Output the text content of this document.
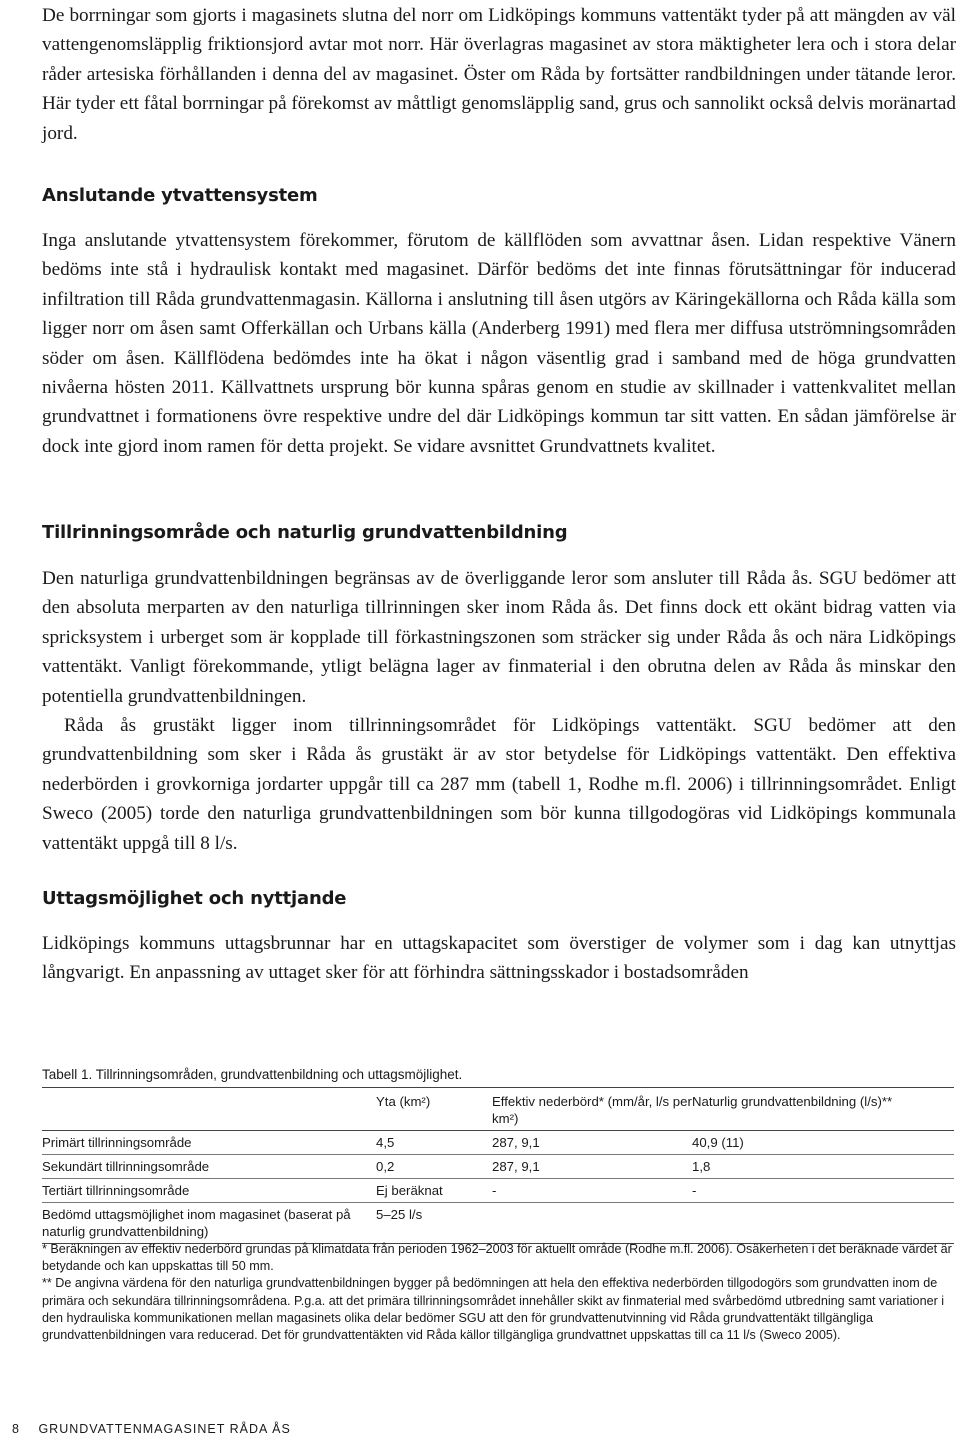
De borrningar som gjorts i magasinets slutna del norr om Lidköpings kommuns vattentäkt tyder på att mängden av väl vattengenomsläpplig friktionsjord avtar mot norr. Här överlagras magasinet av stora mäktigheter lera och i stora delar råder artesiska förhållanden i denna del av magasinet. Öster om Råda by fortsätter randbildningen under tätande leror. Här tyder ett fåtal borrningar på förekomst av måttligt genomsläpplig sand, grus och sannolikt också delvis moränartad jord.

Anslutande ytvattensystem

Inga anslutande ytvattensystem förekommer, förutom de källflöden som avvattnar åsen. Lidan respektive Vänern bedöms inte stå i hydraulisk kontakt med magasinet. Därför bedöms det inte finnas förutsättningar för inducerad infiltration till Råda grundvattenmagasin. Källorna i anslutning till åsen utgörs av Käringekällorna och Råda källa som ligger norr om åsen samt Offerkällan och Urbans källa (Anderberg 1991) med flera mer diffusa utströmningsområden söder om åsen. Källflödena bedömdes inte ha ökat i någon väsentlig grad i samband med de höga grundvatten nivåerna hösten 2011. Källvattnets ursprung bör kunna spåras genom en studie av skillnader i vattenkvalitet mellan grundvattnet i formationens övre respektive undre del där Lidköpings kommun tar sitt vatten. En sådan jämförelse är dock inte gjord inom ramen för detta projekt. Se vidare avsnittet Grundvattnets kvalitet.

Tillrinningsområde och naturlig grundvattenbildning

Den naturliga grundvattenbildningen begränsas av de överliggande leror som ansluter till Råda ås. SGU bedömer att den absoluta merparten av den naturliga tillrinningen sker inom Råda ås. Det finns dock ett okänt bidrag vatten via spricksystem i urberget som är kopplade till förkastningszonen som sträcker sig under Råda ås och nära Lidköpings vattentäkt. Vanligt förekommande, ytligt belägna lager av finmaterial i den obrutna delen av Råda ås minskar den potentiella grundvattenbildningen.

Råda ås grustäkt ligger inom tillrinningsområdet för Lidköpings vattentäkt. SGU bedömer att den grundvattenbildning som sker i Råda ås grustäkt är av stor betydelse för Lidköpings vattentäkt. Den effektiva nederbörden i grovkorniga jordarter uppgår till ca 287 mm (tabell 1, Rodhe m.fl. 2006) i tillrinningsområdet. Enligt Sweco (2005) torde den naturliga grundvattenbildningen som bör kunna tillgodogöras vid Lidköpings kommunala vattentäkt uppgå till 8 l/s.

Uttagsmöjlighet och nyttjande

Lidköpings kommuns uttagsbrunnar har en uttagskapacitet som överstiger de volymer som i dag kan utnyttjas långvarigt. En anpassning av uttaget sker för att förhindra sättningsskador i bostadsområden

Tabell 1. Tillrinningsområden, grundvattenbildning och uttagsmöjlighet.

	Yta (km²)	Effektiv nederbörd* (mm/år, l/s per km²)	Naturlig grundvattenbildning (l/s)**
Primärt tillrinningsområde	4,5	287, 9,1	40,9 (11)
Sekundärt tillrinningsområde	0,2	287, 9,1	1,8
Tertiärt tillrinningsområde	Ej beräknat	-	-
Bedömd uttagsmöjlighet inom magasinet (baserat på naturlig grundvattenbildning)	5–25 l/s		

* Beräkningen av effektiv nederbörd grundas på klimatdata från perioden 1962–2003 för aktuellt område (Rodhe m.fl. 2006). Osäkerheten i det beräknade värdet är betydande och kan uppskattas till 50 mm.

** De angivna värdena för den naturliga grundvattenbildningen bygger på bedömningen att hela den effektiva nederbörden tillgodogörs som grundvatten inom de primära och sekundära tillrinningsområdena. P.g.a. att det primära tillrinningsområdet innehåller skikt av finmaterial med svårbedömd utbredning samt variationer i den hydrauliska kommunikationen mellan magasinets olika delar bedömer SGU att den för grundvattenutvinning vid Råda grundvattentäkt tillgängliga grundvattenbildningen vara reducerad. Det för grundvattentäkten vid Råda källor tillgängliga grundvattnet uppskattas till ca 11 l/s (Sweco 2005).

8 GRUNDVATTENMAGASINET RÅDA ÅS
